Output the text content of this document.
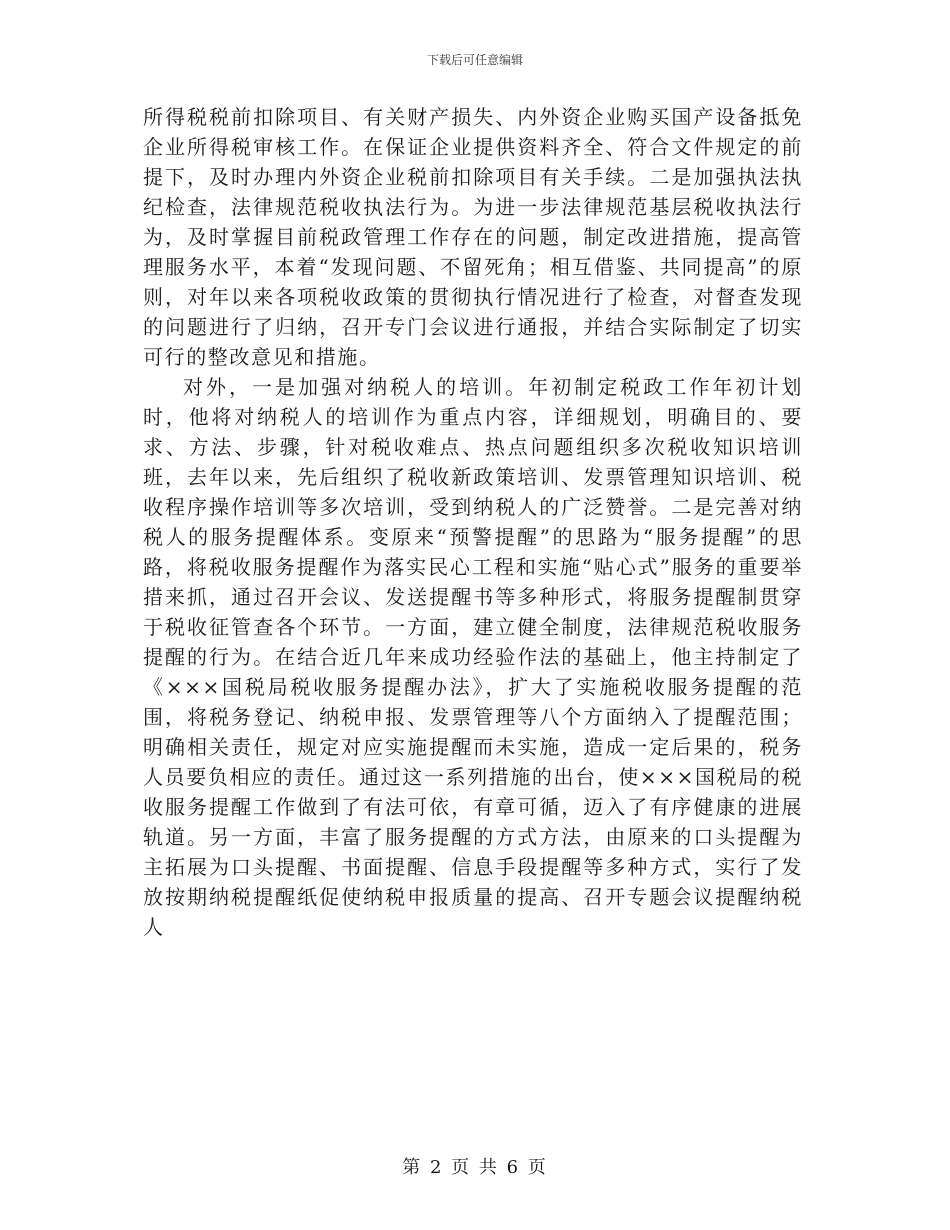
下载后可任意编辑

所得税税前扣除项目、有关财产损失、内外资企业购买国产设备抵免企业所得税审核工作。在保证企业提供资料齐全、符合文件规定的前提下，及时办理内外资企业税前扣除项目有关手续。二是加强执法执纪检查，法律规范税收执法行为。为进一步法律规范基层税收执法行为，及时掌握目前税政管理工作存在的问题，制定改进措施，提高管理服务水平，本着“发现问题、不留死角；相互借鉴、共同提高”的原则，对年以来各项税收政策的贯彻执行情况进行了检查，对督查发现的问题进行了归纳，召开专门会议进行通报，并结合实际制定了切实可行的整改意见和措施。

对外，一是加强对纳税人的培训。年初制定税政工作年初计划时，他将对纳税人的培训作为重点内容，详细规划，明确目的、要求、方法、步骤，针对税收难点、热点问题组织多次税收知识培训班，去年以来，先后组织了税收新政策培训、发票管理知识培训、税收程序操作培训等多次培训，受到纳税人的广泛赞誉。二是完善对纳税人的服务提醒体系。变原来“预警提醒”的思路为“服务提醒”的思路，将税收服务提醒作为落实民心工程和实施“贴心式”服务的重要举措来抓，通过召开会议、发送提醒书等多种形式，将服务提醒制贯穿于税收征管查各个环节。一方面，建立健全制度，法律规范税收服务提醒的行为。在结合近几年来成功经验作法的基础上，他主持制定了《×××国税局税收服务提醒办法》，扩大了实施税收服务提醒的范围，将税务登记、纳税申报、发票管理等八个方面纳入了提醒范围；明确相关责任，规定对应实施提醒而未实施，造成一定后果的，税务人员要负相应的责任。通过这一系列措施的出台，使×××国税局的税收服务提醒工作做到了有法可依，有章可循，迈入了有序健康的进展轨道。另一方面，丰富了服务提醒的方式方法，由原来的口头提醒为主拓展为口头提醒、书面提醒、信息手段提醒等多种方式，实行了发放按期纳税提醒纸促使纳税申报质量的提高、召开专题会议提醒纳税人

第 2 页 共 6 页
